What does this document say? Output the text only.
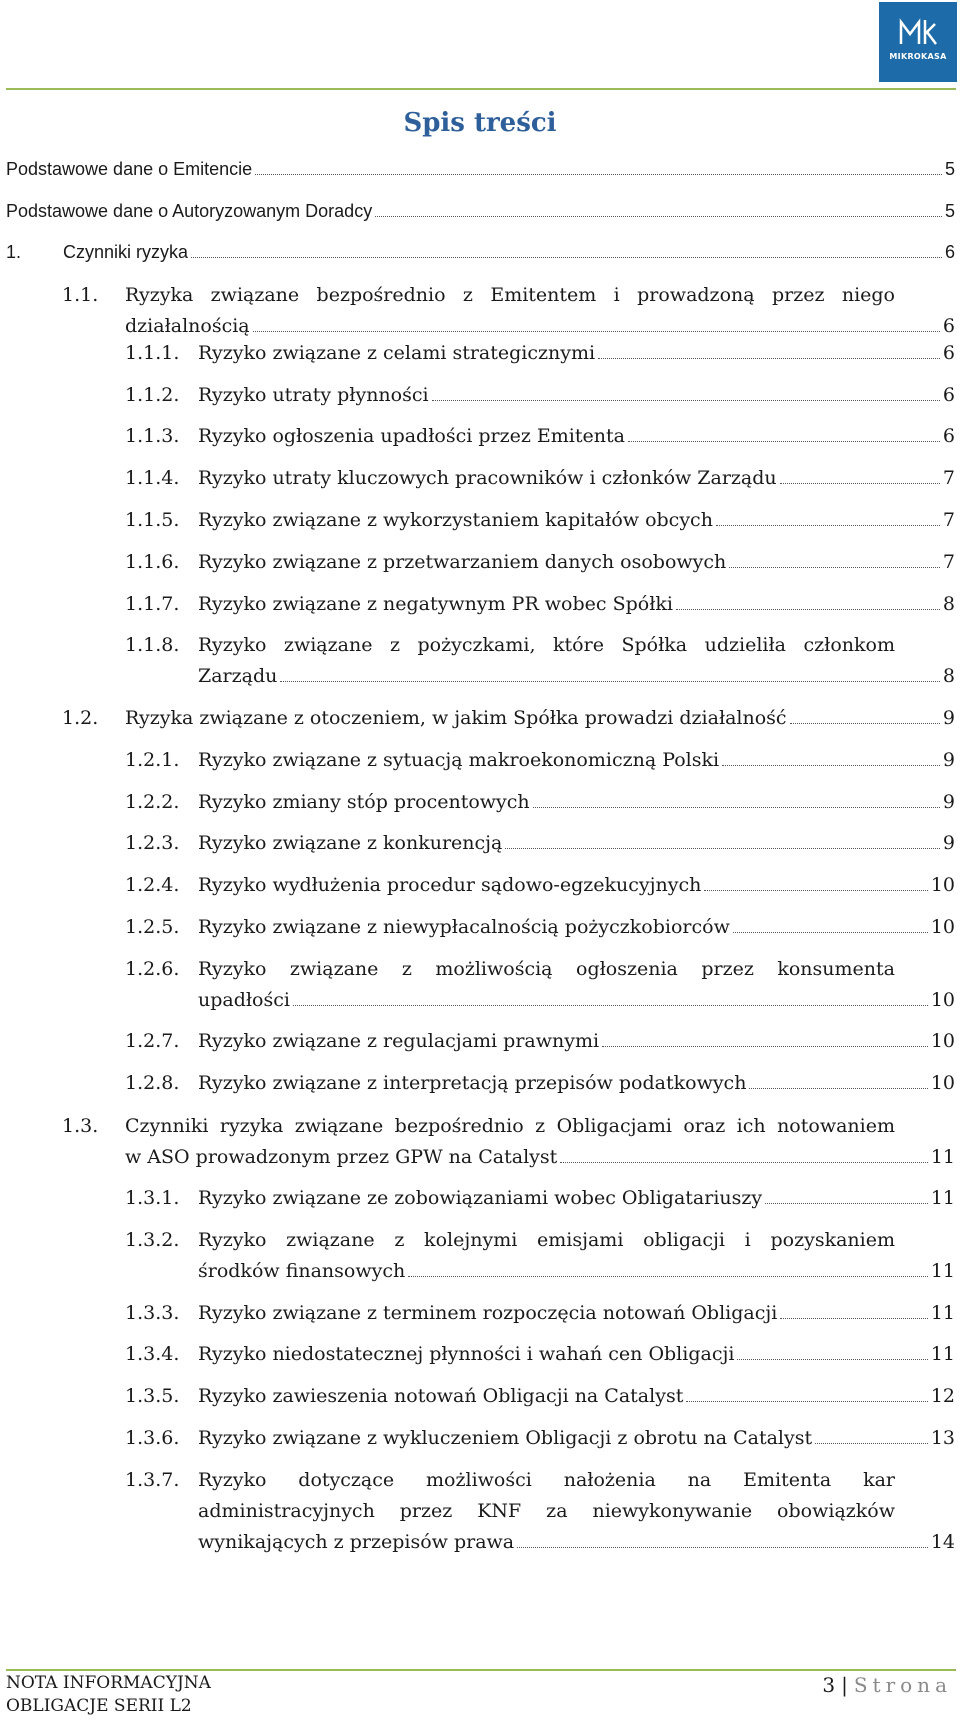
MIKROKASA
Spis treści
Podstawowe dane o Emitencie	5
Podstawowe dane o Autoryzowanym Doradcy	5
1. Czynniki ryzyka	6
1.1. Ryzyka związane bezpośrednio z Emitentem i prowadzoną przez niego
działalnością	6
1.1.1. Ryzyko związane z celami strategicznymi	6
1.1.2. Ryzyko utraty płynności	6
1.1.3. Ryzyko ogłoszenia upadłości przez Emitenta	6
1.1.4. Ryzyko utraty kluczowych pracowników i członków Zarządu	7
1.1.5. Ryzyko związane z wykorzystaniem kapitałów obcych	7
1.1.6. Ryzyko związane z przetwarzaniem danych osobowych	7
1.1.7. Ryzyko związane z negatywnym PR wobec Spółki	8
1.1.8. Ryzyko związane z pożyczkami, które Spółka udzieliła członkom
Zarządu	8
1.2. Ryzyka związane z otoczeniem, w jakim Spółka prowadzi działalność	9
1.2.1. Ryzyko związane z sytuacją makroekonomiczną Polski	9
1.2.2. Ryzyko zmiany stóp procentowych	9
1.2.3. Ryzyko związane z konkurencją	9
1.2.4. Ryzyko wydłużenia procedur sądowo-egzekucyjnych	10
1.2.5. Ryzyko związane z niewypłacalnością pożyczkobiorców	10
1.2.6. Ryzyko związane z możliwością ogłoszenia przez konsumenta
upadłości	10
1.2.7. Ryzyko związane z regulacjami prawnymi	10
1.2.8. Ryzyko związane z interpretacją przepisów podatkowych	10
1.3. Czynniki ryzyka związane bezpośrednio z Obligacjami oraz ich notowaniem
w ASO prowadzonym przez GPW na Catalyst	11
1.3.1. Ryzyko związane ze zobowiązaniami wobec Obligatariuszy	11
1.3.2. Ryzyko związane z kolejnymi emisjami obligacji i pozyskaniem
środków finansowych	11
1.3.3. Ryzyko związane z terminem rozpoczęcia notowań Obligacji	11
1.3.4. Ryzyko niedostatecznej płynności i wahań cen Obligacji	11
1.3.5. Ryzyko zawieszenia notowań Obligacji na Catalyst	12
1.3.6. Ryzyko związane z wykluczeniem Obligacji z obrotu na Catalyst	13
1.3.7. Ryzyko dotyczące możliwości nałożenia na Emitenta kar
administracyjnych przez KNF za niewykonywanie obowiązków
wynikających z przepisów prawa	14
NOTA INFORMACYJNA
OBLIGACJE SERII L2
3 | Strona
